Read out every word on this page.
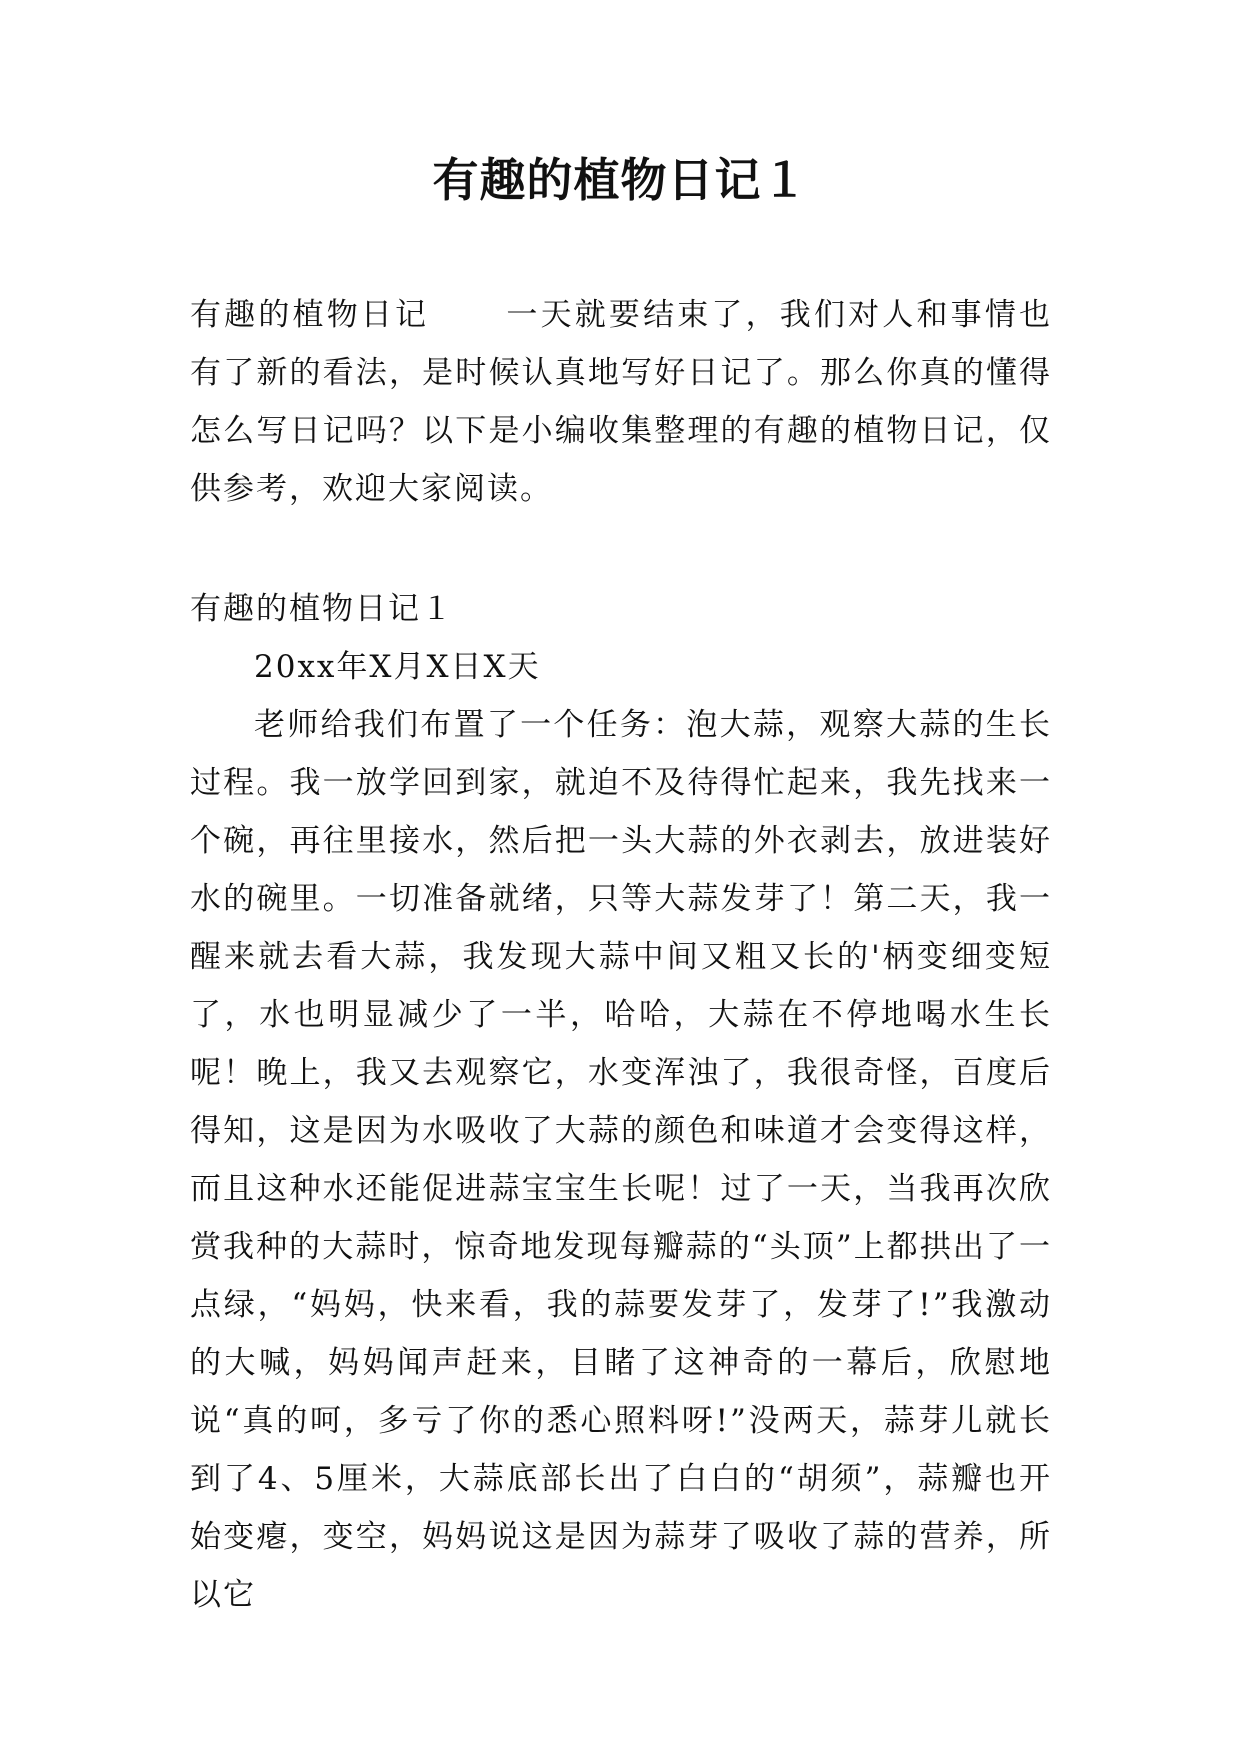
有趣的植物日记１
有趣的植物日记 一天就要结束了，我们对人和事情也有了新的看法，是时候认真地写好日记了。那么你真的懂得怎么写日记吗？以下是小编收集整理的有趣的植物日记，仅供参考，欢迎大家阅读。
有趣的植物日记１
20xx年X月X日X天
老师给我们布置了一个任务：泡大蒜，观察大蒜的生长过程。我一放学回到家，就迫不及待得忙起来，我先找来一个碗，再往里接水，然后把一头大蒜的外衣剥去，放进装好水的碗里。一切准备就绪，只等大蒜发芽了！第二天，我一醒来就去看大蒜，我发现大蒜中间又粗又长的'柄变细变短了，水也明显减少了一半，哈哈，大蒜在不停地喝水生长呢！晚上，我又去观察它，水变浑浊了，我很奇怪，百度后得知，这是因为水吸收了大蒜的颜色和味道才会变得这样，而且这种水还能促进蒜宝宝生长呢！过了一天，当我再次欣赏我种的大蒜时，惊奇地发现每瓣蒜的“头顶”上都拱出了一点绿，“妈妈，快来看，我的蒜要发芽了，发芽了!”我激动的大喊，妈妈闻声赶来，目睹了这神奇的一幕后，欣慰地说“真的呵，多亏了你的悉心照料呀!”没两天，蒜芽儿就长到了4、5厘米，大蒜底部长出了白白的“胡须”，蒜瓣也开始变瘪，变空，妈妈说这是因为蒜芽了吸收了蒜的营养，所以它
